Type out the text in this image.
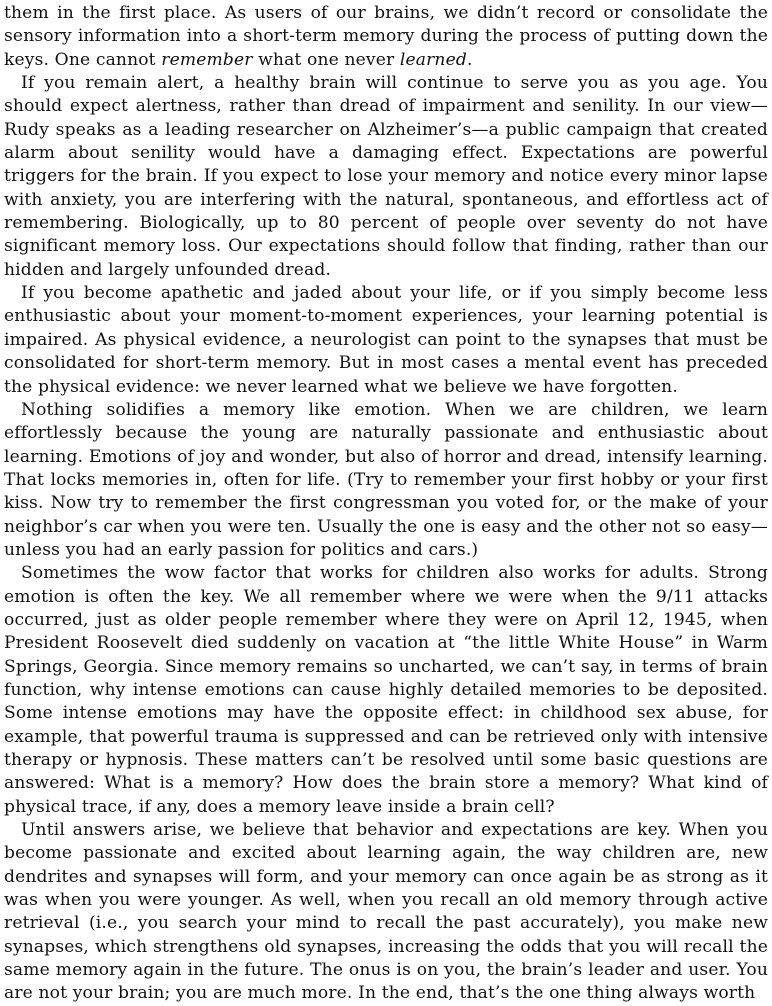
them in the first place. As users of our brains, we didn’t record or consolidate the sensory information into a short-term memory during the process of putting down the keys. One cannot remember what one never learned.

If you remain alert, a healthy brain will continue to serve you as you age. You should expect alertness, rather than dread of impairment and senility. In our view—Rudy speaks as a leading researcher on Alzheimer’s—a public campaign that created alarm about senility would have a damaging effect. Expectations are powerful triggers for the brain. If you expect to lose your memory and notice every minor lapse with anxiety, you are interfering with the natural, spontaneous, and effortless act of remembering. Biologically, up to 80 percent of people over seventy do not have significant memory loss. Our expectations should follow that finding, rather than our hidden and largely unfounded dread.

If you become apathetic and jaded about your life, or if you simply become less enthusiastic about your moment-to-moment experiences, your learning potential is impaired. As physical evidence, a neurologist can point to the synapses that must be consolidated for short-term memory. But in most cases a mental event has preceded the physical evidence: we never learned what we believe we have forgotten.

Nothing solidifies a memory like emotion. When we are children, we learn effortlessly because the young are naturally passionate and enthusiastic about learning. Emotions of joy and wonder, but also of horror and dread, intensify learning. That locks memories in, often for life. (Try to remember your first hobby or your first kiss. Now try to remember the first congressman you voted for, or the make of your neighbor’s car when you were ten. Usually the one is easy and the other not so easy—unless you had an early passion for politics and cars.)

Sometimes the wow factor that works for children also works for adults. Strong emotion is often the key. We all remember where we were when the 9/11 attacks occurred, just as older people remember where they were on April 12, 1945, when President Roosevelt died suddenly on vacation at “the little White House” in Warm Springs, Georgia. Since memory remains so uncharted, we can’t say, in terms of brain function, why intense emotions can cause highly detailed memories to be deposited. Some intense emotions may have the opposite effect: in childhood sex abuse, for example, that powerful trauma is suppressed and can be retrieved only with intensive therapy or hypnosis. These matters can’t be resolved until some basic questions are answered: What is a memory? How does the brain store a memory? What kind of physical trace, if any, does a memory leave inside a brain cell?

Until answers arise, we believe that behavior and expectations are key. When you become passionate and excited about learning again, the way children are, new dendrites and synapses will form, and your memory can once again be as strong as it was when you were younger. As well, when you recall an old memory through active retrieval (i.e., you search your mind to recall the past accurately), you make new synapses, which strengthens old synapses, increasing the odds that you will recall the same memory again in the future. The onus is on you, the brain’s leader and user. You are not your brain; you are much more. In the end, that’s the one thing always worth
